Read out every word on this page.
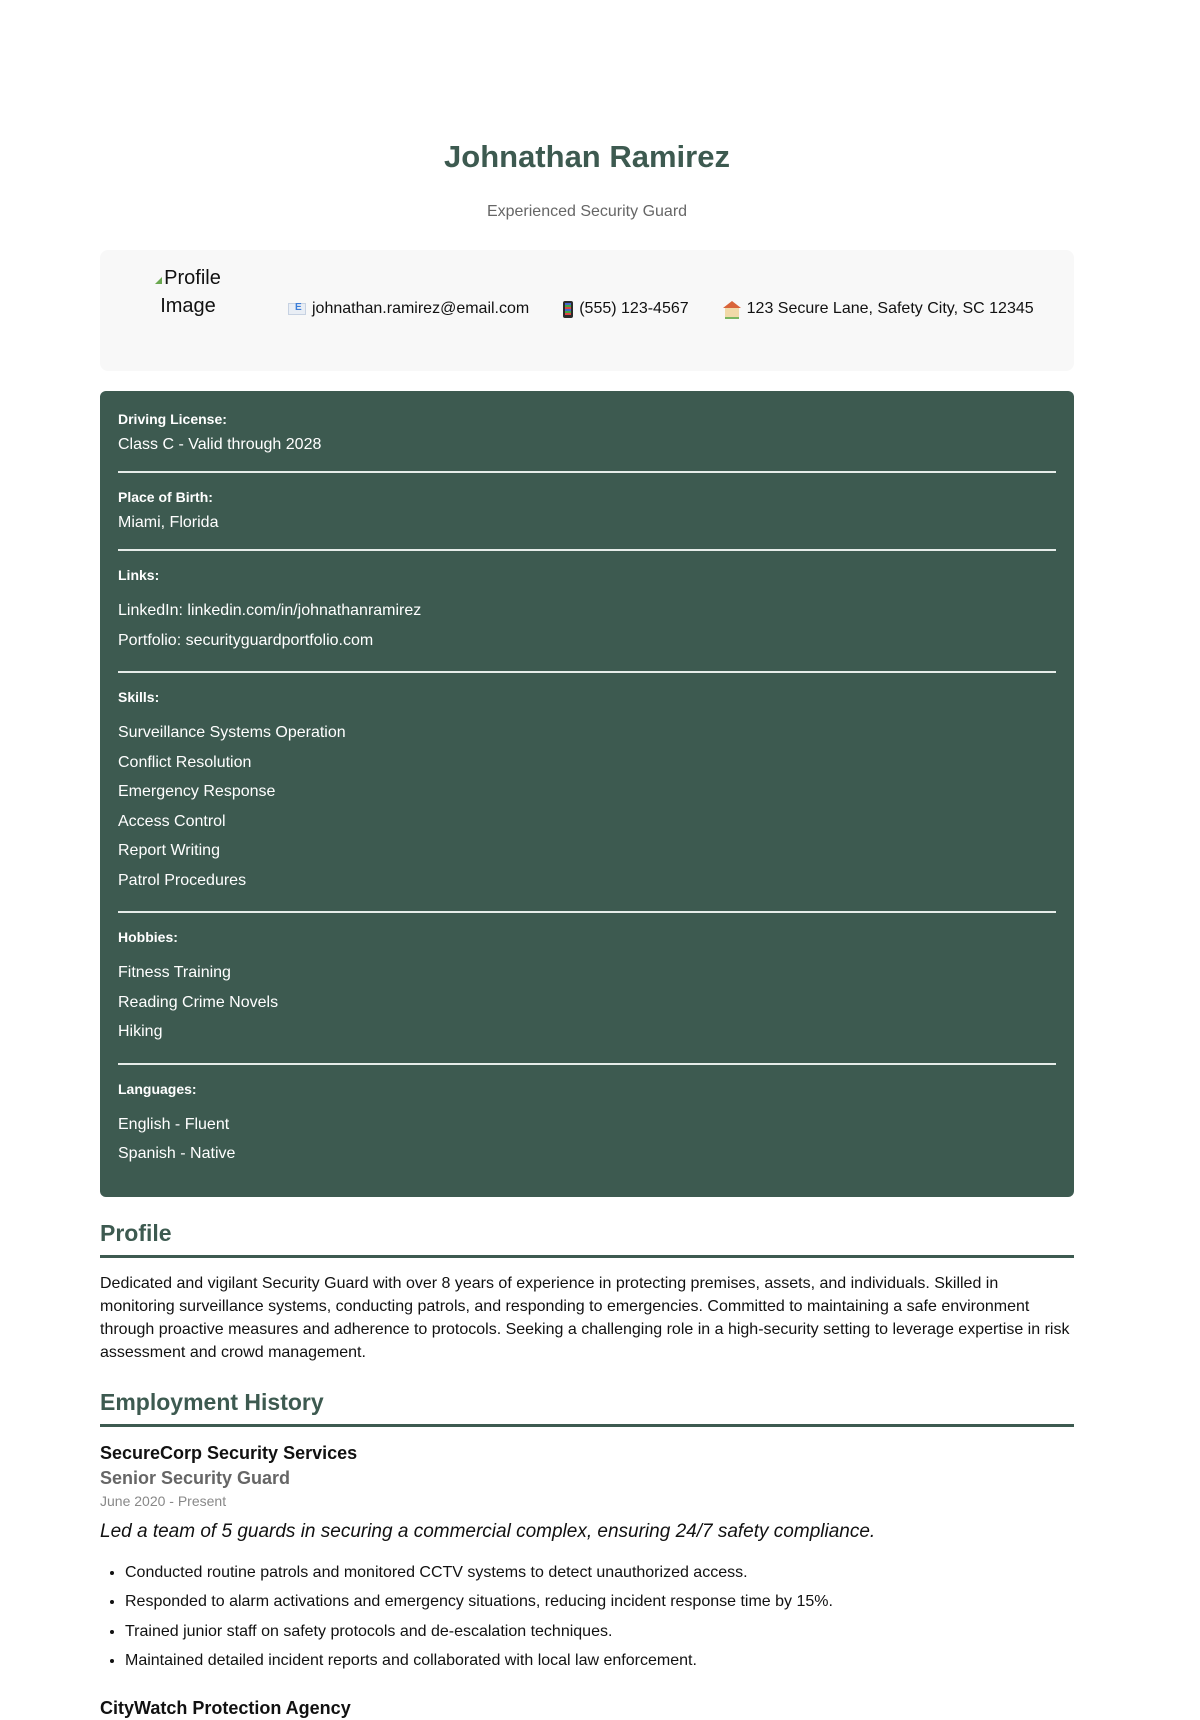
Johnathan Ramirez
Experienced Security Guard
Profile Image E	johnathan.ramirez@email.com	(555) 123-4567	123 Secure Lane, Safety City, SC 12345
Driving License:
Class C - Valid through 2028
Place of Birth:
Miami, Florida
Links:
LinkedIn: linkedin.com/in/johnathanramirez
Portfolio: securityguardportfolio.com
Skills:
Surveillance Systems Operation
Conflict Resolution
Emergency Response
Access Control
Report Writing
Patrol Procedures
Hobbies:
Fitness Training
Reading Crime Novels
Hiking
Languages:
English - Fluent
Spanish - Native
Profile

Dedicated and vigilant Security Guard with over 8 years of experience in protecting premises, assets, and individuals. Skilled in monitoring surveillance systems, conducting patrols, and responding to emergencies. Committed to maintaining a safe environment through proactive measures and adherence to protocols. Seeking a challenging role in a high-security setting to leverage expertise in risk assessment and crowd management.

Employment History
SecureCorp Security Services
Senior Security Guard
June 2020 - Present
Led a team of 5 guards in securing a commercial complex, ensuring 24/7 safety compliance.
• Conducted routine patrols and monitored CCTV systems to detect unauthorized access.
• Responded to alarm activations and emergency situations, reducing incident response time by 15%.
• Trained junior staff on safety protocols and de-escalation techniques.
• Maintained detailed incident reports and collaborated with local law enforcement.
CityWatch Protection Agency
